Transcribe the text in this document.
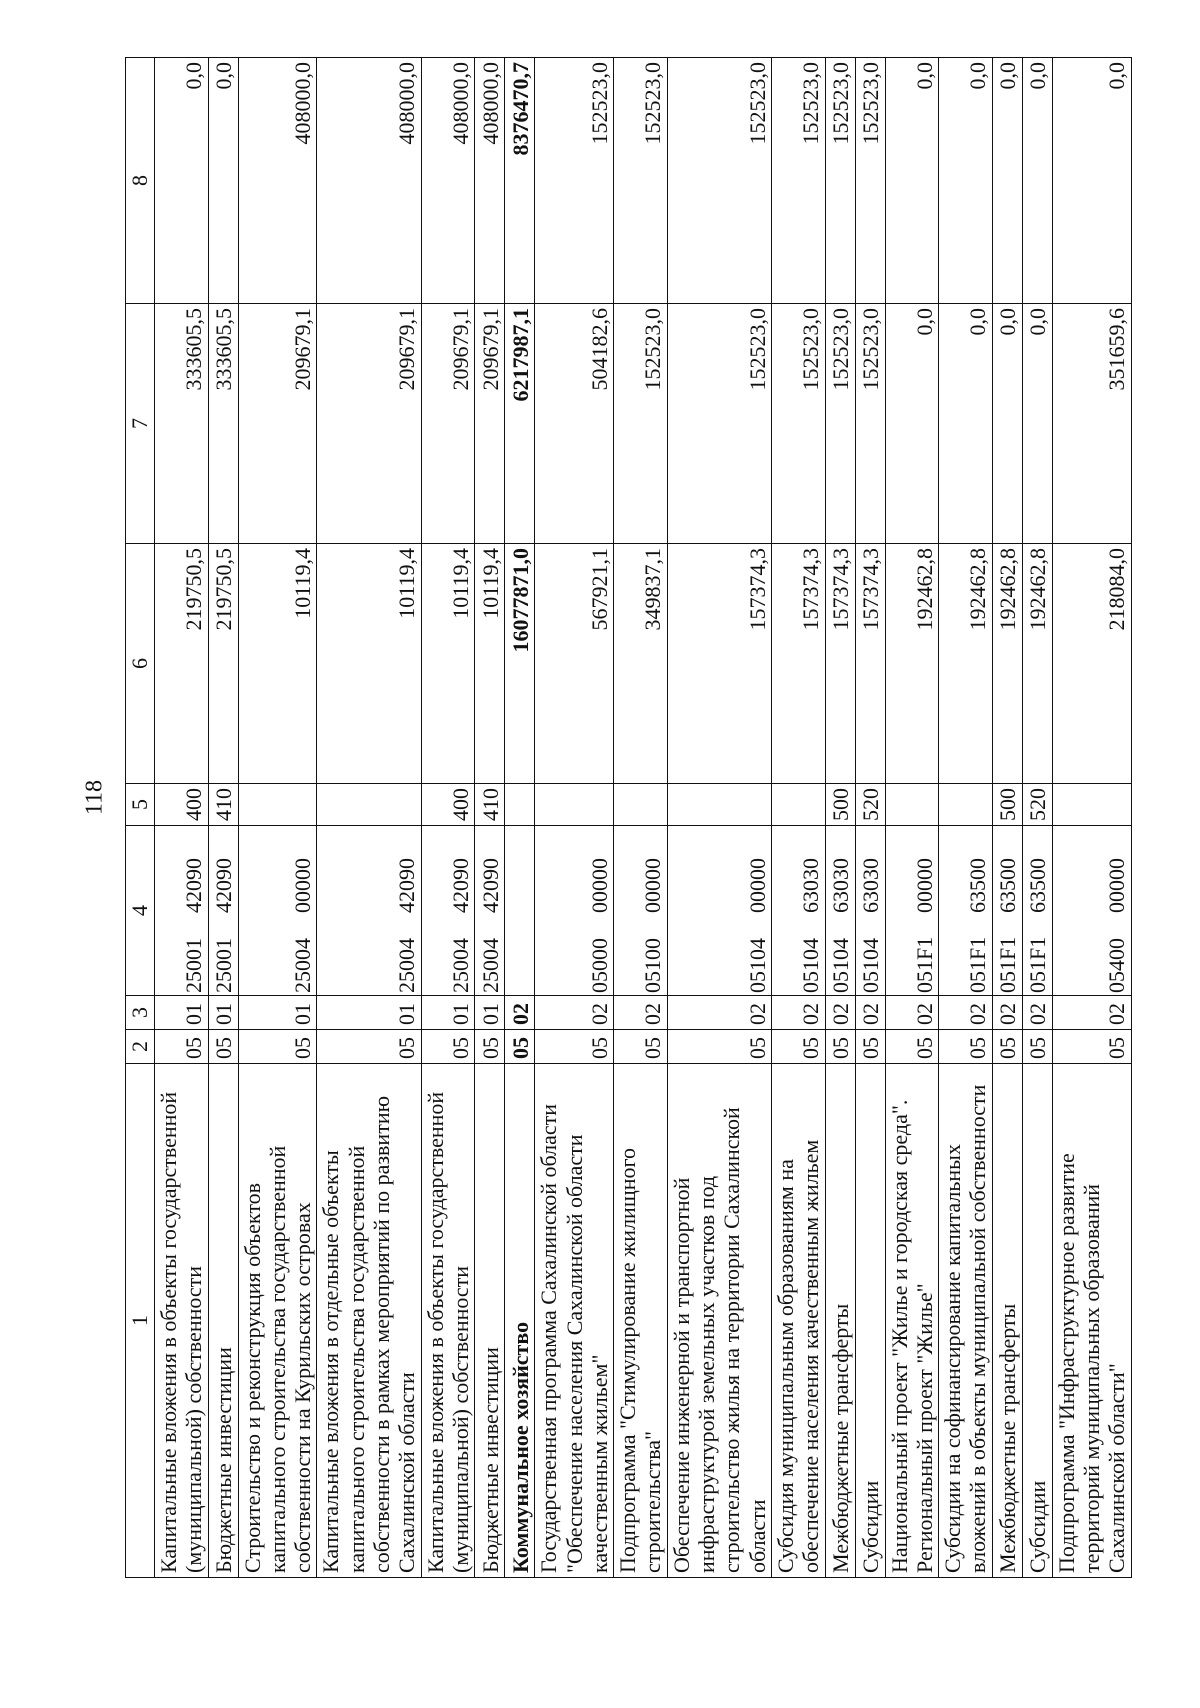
118
1	2	3	4	5	6	7	8
Капитальные вложения в объекты государственной (муниципальной) собственности	05	01	2500142090	400	219750,5	333605,5	0,0
Бюджетные инвестиции	05	01	2500142090	410	219750,5	333605,5	0,0
Строительство и реконструкция объектов капитального строительства государственной собственности на Курильских островах	05	01	2500400000		10119,4	209679,1	408000,0
Капитальные вложения в отдельные объекты капитального строительства государственной собственности в рамках мероприятий по развитию Сахалинской области	05	01	2500442090		10119,4	209679,1	408000,0
Капитальные вложения в объекты государственной (муниципальной) собственности	05	01	2500442090	400	10119,4	209679,1	408000,0
Бюджетные инвестиции	05	01	2500442090	410	10119,4	209679,1	408000,0
Коммунальное хозяйство	05	02			16077871,0	6217987,1	8376470,7
Государственная программа Сахалинской области "Обеспечение населения Сахалинской области качественным жильем"	05	02	0500000000		567921,1	504182,6	152523,0
Подпрограмма "Стимулирование жилищного строительства"	05	02	0510000000		349837,1	152523,0	152523,0
Обеспечение инженерной и транспортной инфраструктурой земельных участков под строительство жилья на территории Сахалинской области	05	02	0510400000		157374,3	152523,0	152523,0
Субсидия муниципальным образованиям на обеспечение населения качественным жильем	05	02	0510463030		157374,3	152523,0	152523,0
Межбюджетные трансферты	05	02	0510463030	500	157374,3	152523,0	152523,0
Субсидии	05	02	0510463030	520	157374,3	152523,0	152523,0
Национальный проект "Жилье и городская среда". Региональный проект "Жилье"	05	02	051F100000		192462,8	0,0	0,0
Субсидии на софинансирование капитальных вложений в объекты муниципальной собственности	05	02	051F163500		192462,8	0,0	0,0
Межбюджетные трансферты	05	02	051F163500	500	192462,8	0,0	0,0
Субсидии	05	02	051F163500	520	192462,8	0,0	0,0
Подпрограмма "Инфраструктурное развитие территорий муниципальных образований Сахалинской области"	05	02	0540000000		218084,0	351659,6	0,0
